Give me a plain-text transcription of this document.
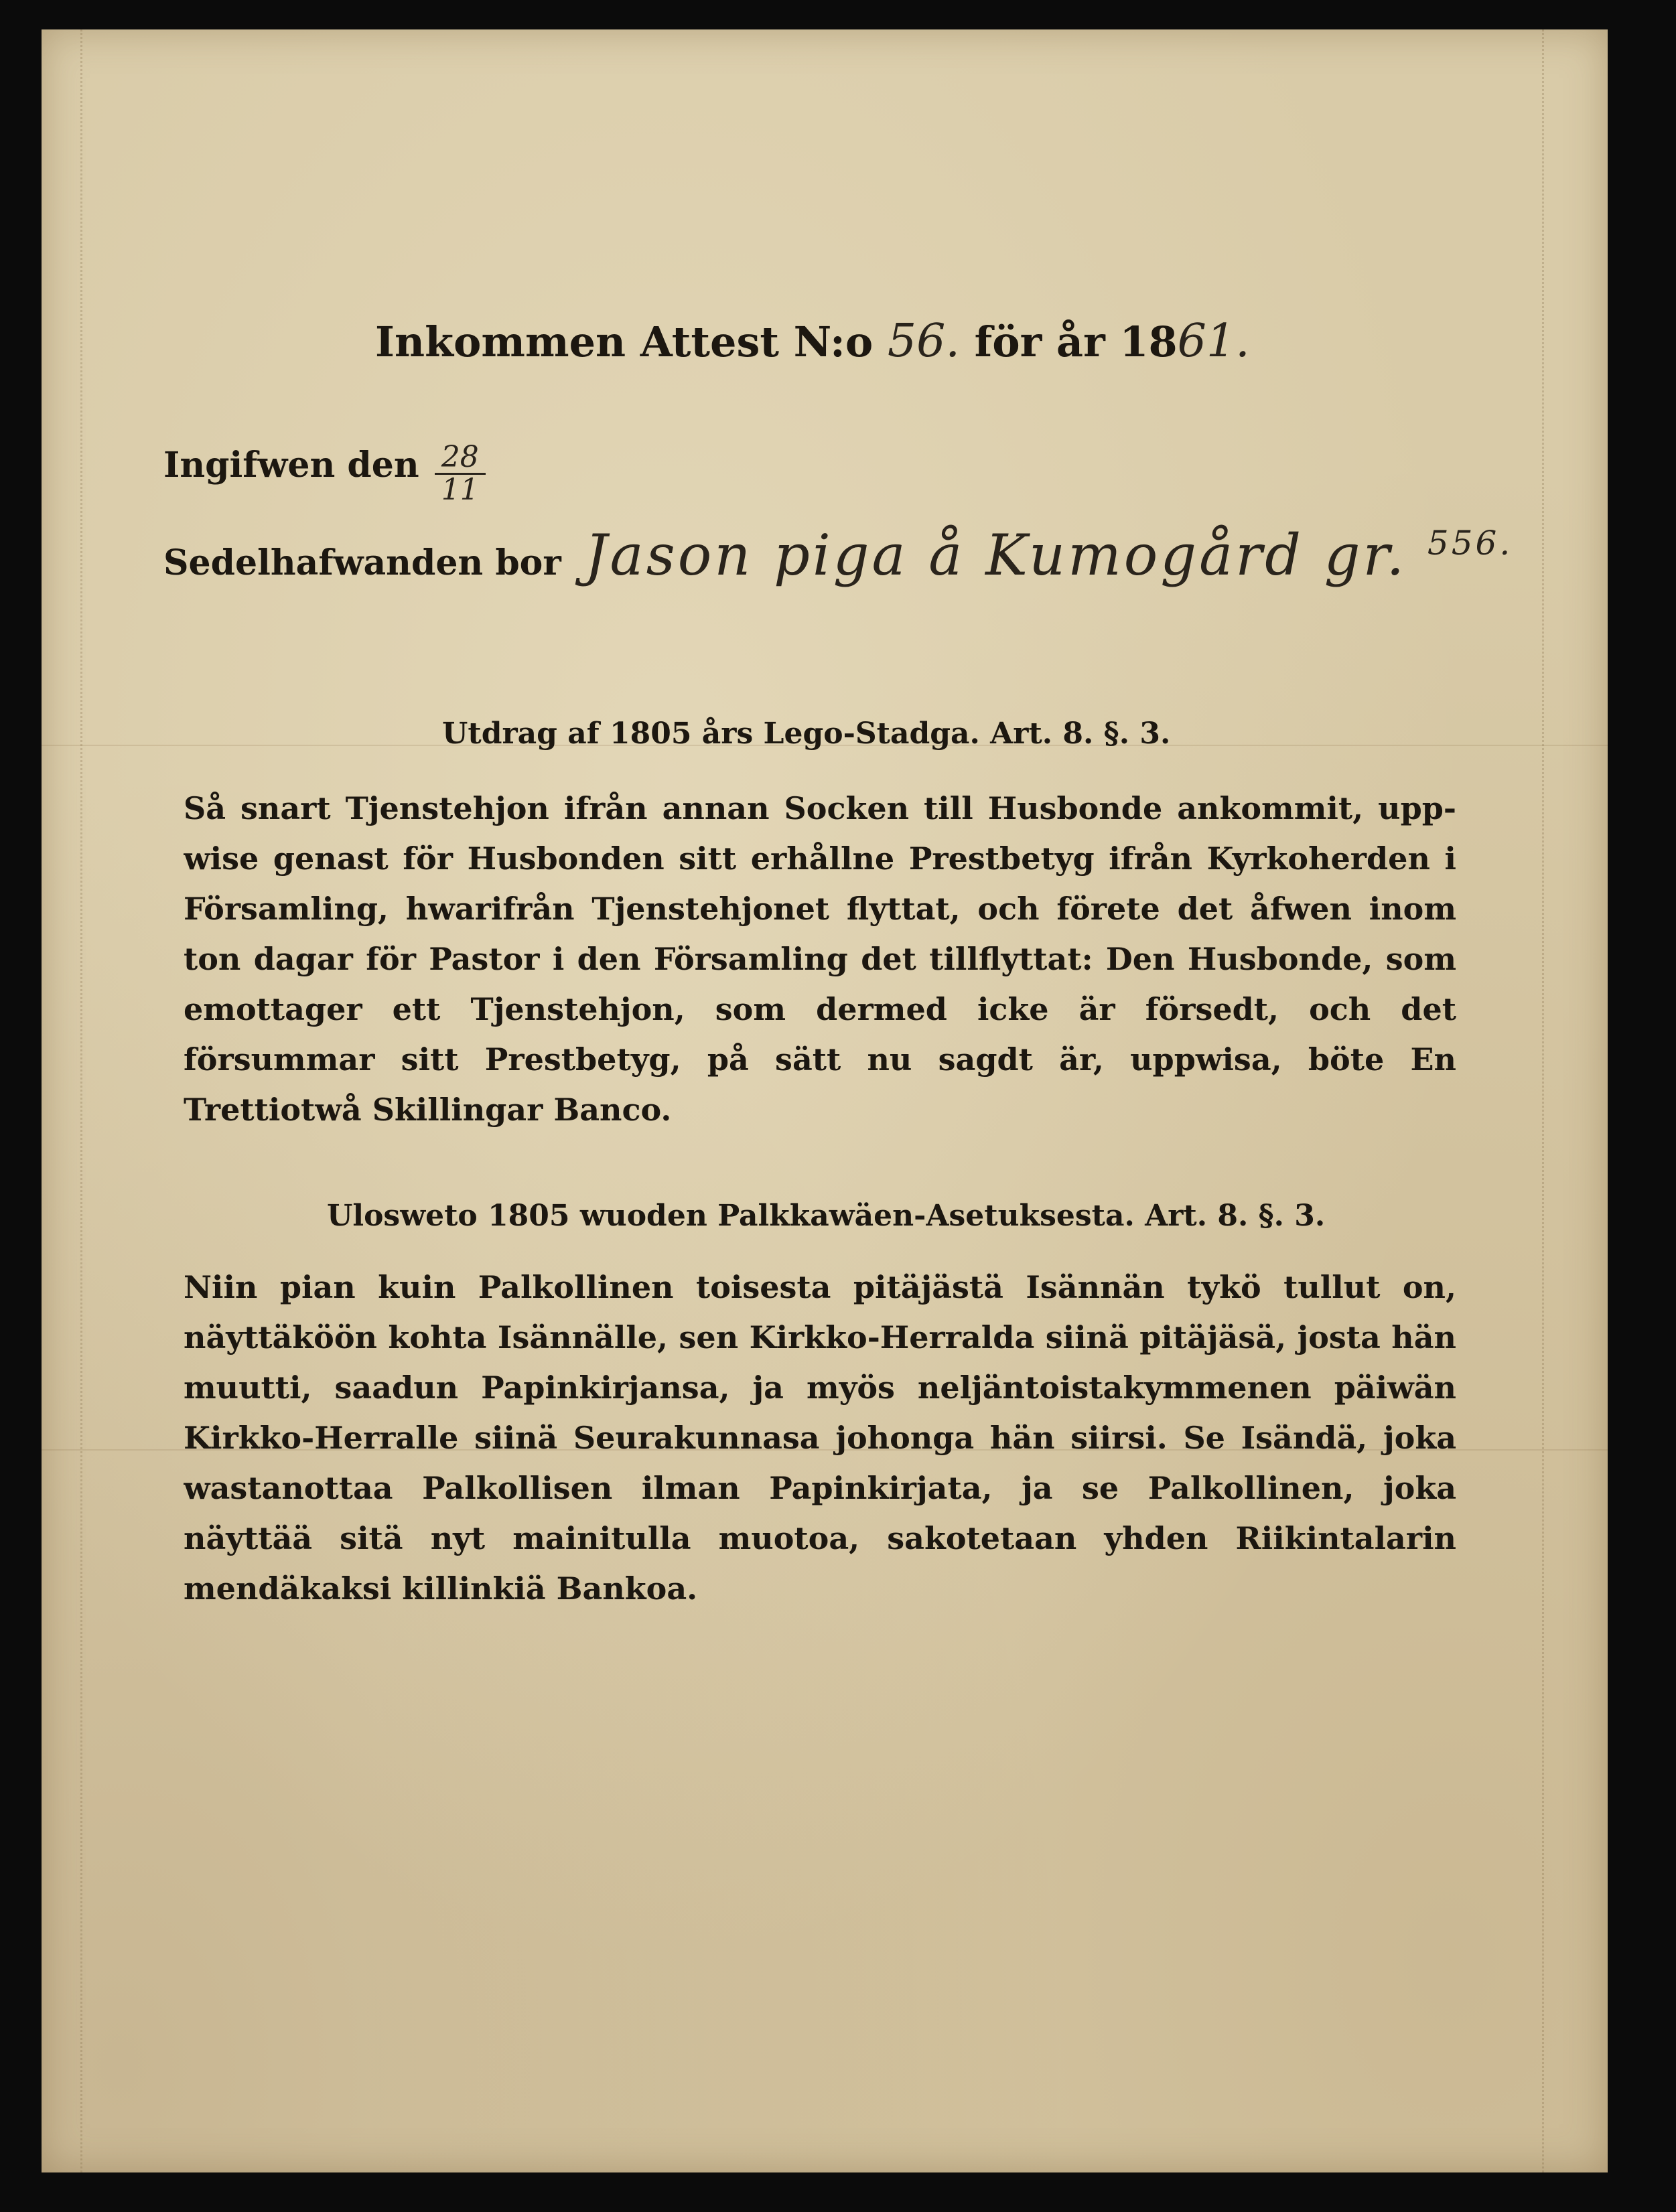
Inkommen Attest N:o 56. för år 1861.
Ingifwen den $\frac{28}{11}$
Sedelhafwanden bor Jason piga å Kumogård gr. $^{556.}$
Utdrag af 1805 års Lego-Stadga. Art. 8. §. 3.
Så snart Tjenstehjon ifrån annan Socken till Husbonde ankommit, upp-
wise genast för Husbonden sitt erhållne Prestbetyg ifrån Kyrkoherden i
Församling, hwarifrån Tjenstehjonet flyttat, och förete det åfwen inom
ton dagar för Pastor i den Församling det tillflyttat: Den Husbonde, som
emottager ett Tjenstehjon, som dermed icke är försedt, och det
försummar sitt Prestbetyg, på sätt nu sagdt är, uppwisa, böte En
Trettiotwå Skillingar Banco.
Ulosweto 1805 wuoden Palkkawäen-Asetuksesta. Art. 8. §. 3.
Niin pian kuin Palkollinen toisesta pitäjästä Isännän tykö tullut on,
näyttäköön kohta Isännälle, sen Kirkko-Herralda siinä pitäjäsä, josta hän
muutti, saadun Papinkirjansa, ja myös neljäntoistakymmenen päiwän
Kirkko-Herralle siinä Seurakunnasa johonga hän siirsi. Se Isändä, joka
wastanottaa Palkollisen ilman Papinkirjata, ja se Palkollinen, joka
näyttää sitä nyt mainitulla muotoa, sakotetaan yhden Riikintalarin
mendäkaksi killinkiä Bankoa.
